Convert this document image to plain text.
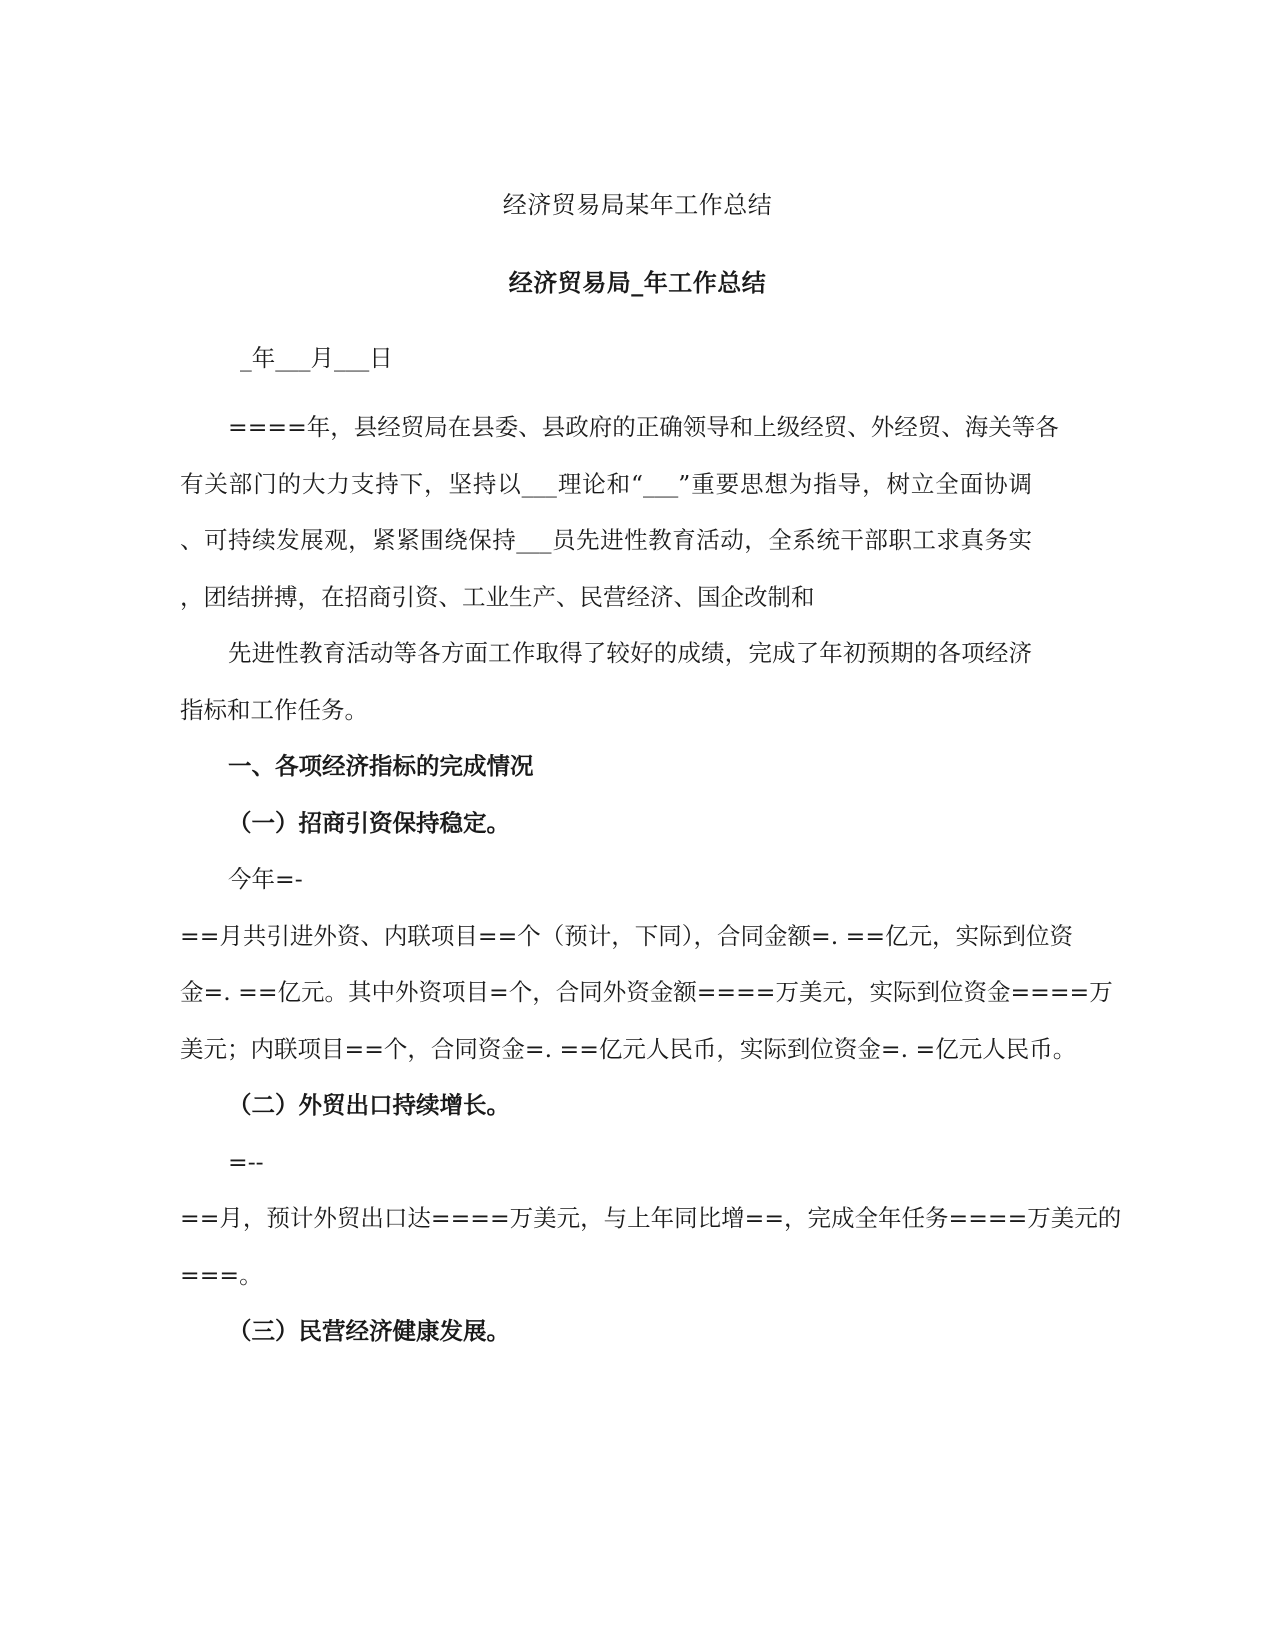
经济贸易局某年工作总结
经济贸易局_年工作总结
_年___月___日
====年，县经贸局在县委、县政府的正确领导和上级经贸、外经贸、海关等各
有关部门的大力支持下，坚持以___理论和“___”重要思想为指导，树立全面协调
、可持续发展观，紧紧围绕保持___员先进性教育活动，全系统干部职工求真务实
，团结拼搏，在招商引资、工业生产、民营经济、国企改制和
先进性教育活动等各方面工作取得了较好的成绩，完成了年初预期的各项经济
指标和工作任务。
一、各项经济指标的完成情况
（一）招商引资保持稳定。
今年=-
==月共引进外资、内联项目==个（预计，下同），合同金额=. ==亿元，实际到位资
金=. ==亿元。其中外资项目=个，合同外资金额====万美元，实际到位资金====万
美元；内联项目==个，合同资金=. ==亿元人民币，实际到位资金=. =亿元人民币。
（二）外贸出口持续增长。
=--
==月，预计外贸出口达====万美元，与上年同比增==，完成全年任务====万美元的
===。
（三）民营经济健康发展。
